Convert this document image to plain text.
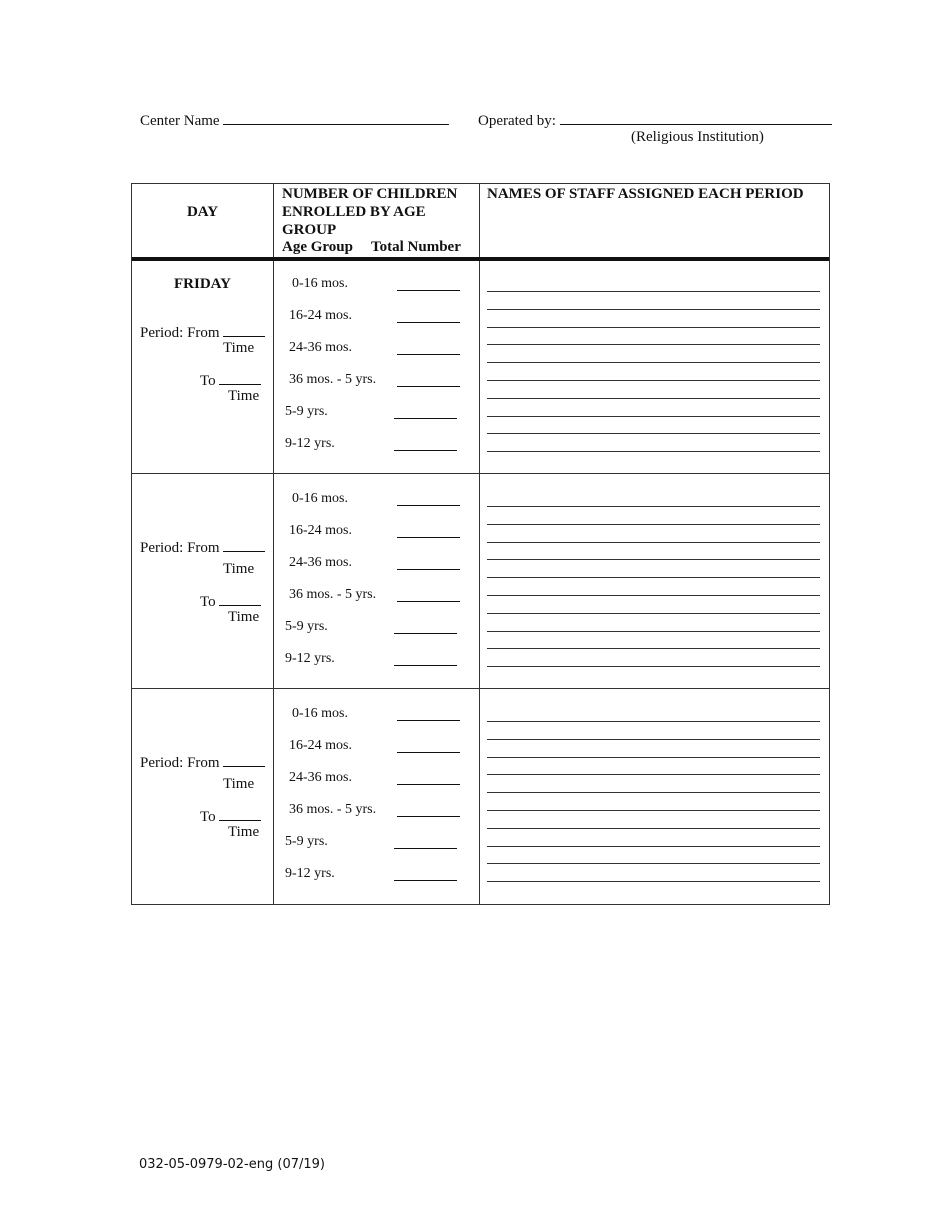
Center Name	Operated by:
(Religious Institution)
DAY
NUMBER OF CHILDREN ENROLLED BY AGE GROUP
Age Group Total Number
NAMES OF STAFF ASSIGNED EACH PERIOD
FRIDAY
Period: From
Time
To
Time
0-16 mos.
16-24 mos.
24-36 mos.
36 mos. - 5 yrs.
5-9 yrs.
9-12 yrs.
Period: From
Time
To
Time
0-16 mos.
16-24 mos.
24-36 mos.
36 mos. - 5 yrs.
5-9 yrs.
9-12 yrs.
Period: From
Time
To
Time
0-16 mos.
16-24 mos.
24-36 mos.
36 mos. - 5 yrs.
5-9 yrs.
9-12 yrs.
032-05-0979-02-eng (07/19)
